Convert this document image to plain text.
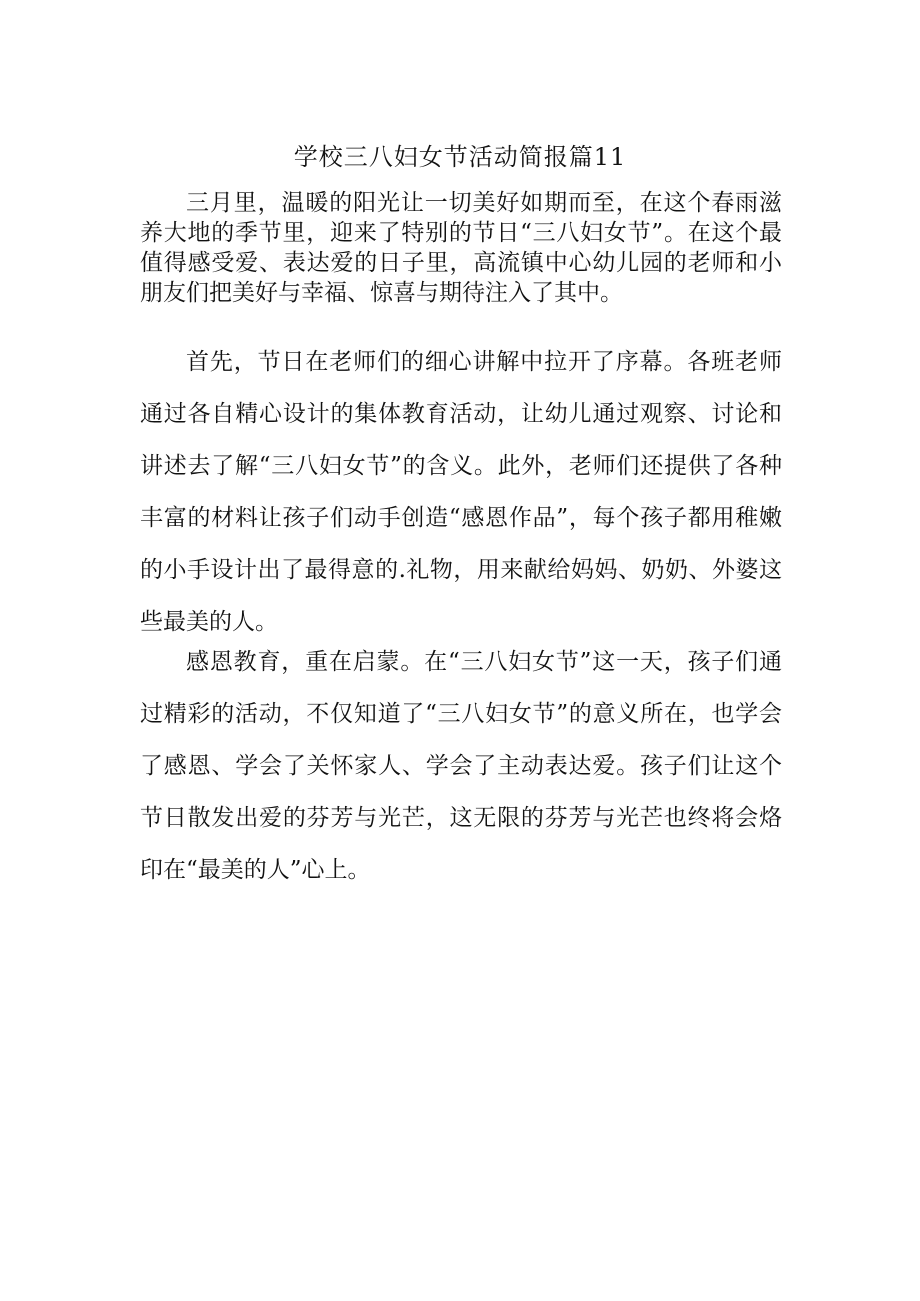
学校三八妇女节活动简报篇11

三月里，温暖的阳光让一切美好如期而至，在这个春雨滋养大地的季节里，迎来了特别的节日“三八妇女节”。在这个最值得感受爱、表达爱的日子里，高流镇中心幼儿园的老师和小朋友们把美好与幸福、惊喜与期待注入了其中。

首先，节日在老师们的细心讲解中拉开了序幕。各班老师通过各自精心设计的集体教育活动，让幼儿通过观察、讨论和讲述去了解“三八妇女节”的含义。此外，老师们还提供了各种丰富的材料让孩子们动手创造“感恩作品”，每个孩子都用稚嫩的小手设计出了最得意的.礼物，用来献给妈妈、奶奶、外婆这些最美的人。

感恩教育，重在启蒙。在“三八妇女节”这一天，孩子们通过精彩的活动，不仅知道了“三八妇女节”的意义所在，也学会了感恩、学会了关怀家人、学会了主动表达爱。孩子们让这个节日散发出爱的芬芳与光芒，这无限的芬芳与光芒也终将会烙印在“最美的人”心上。
